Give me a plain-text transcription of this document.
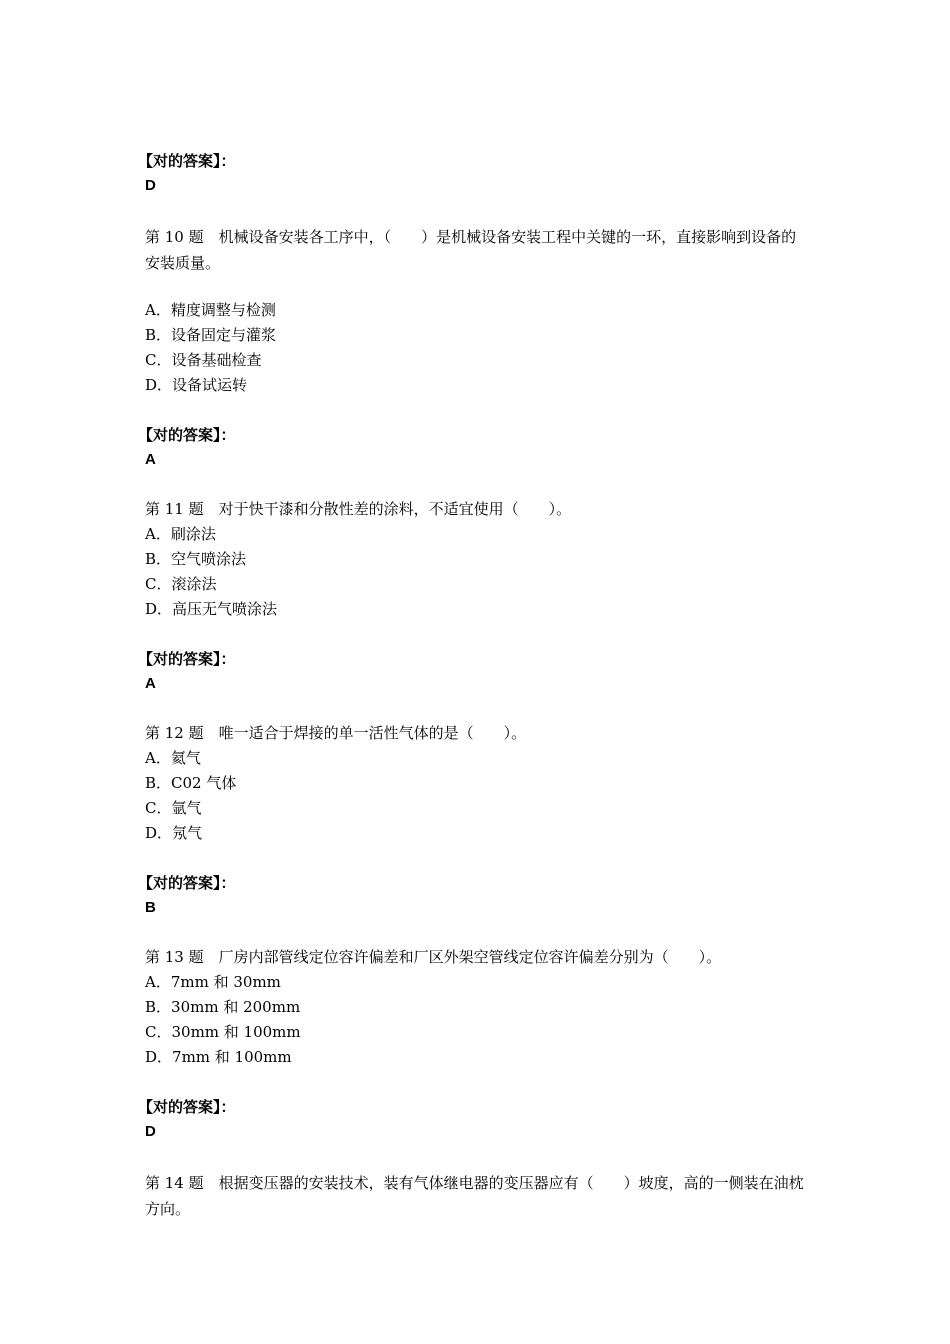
【对的答案】：
D
第 10 题　机械设备安装各工序中，（　　）是机械设备安装工程中关键的一环，直接影响到设备的安装质量。
A．精度调整与检测
B．设备固定与灌浆
C．设备基础检查
D．设备试运转
【对的答案】：
A
第 11 题　对于快干漆和分散性差的涂料，不适宜使用（　　）。
A．刷涂法
B．空气喷涂法
C．滚涂法
D．高压无气喷涂法
【对的答案】：
A
第 12 题　唯一适合于焊接的单一活性气体的是（　　）。
A．氦气
B．C02 气体
C．氩气
D．氖气
【对的答案】：
B
第 13 题　厂房内部管线定位容许偏差和厂区外架空管线定位容许偏差分别为（　　）。
A．7mm 和 30mm
B．30mm 和 200mm
C．30mm 和 100mm
D．7mm 和 100mm
【对的答案】：
D
第 14 题　根据变压器的安装技术，装有气体继电器的变压器应有（　　）坡度，高的一侧装在油枕方向。
